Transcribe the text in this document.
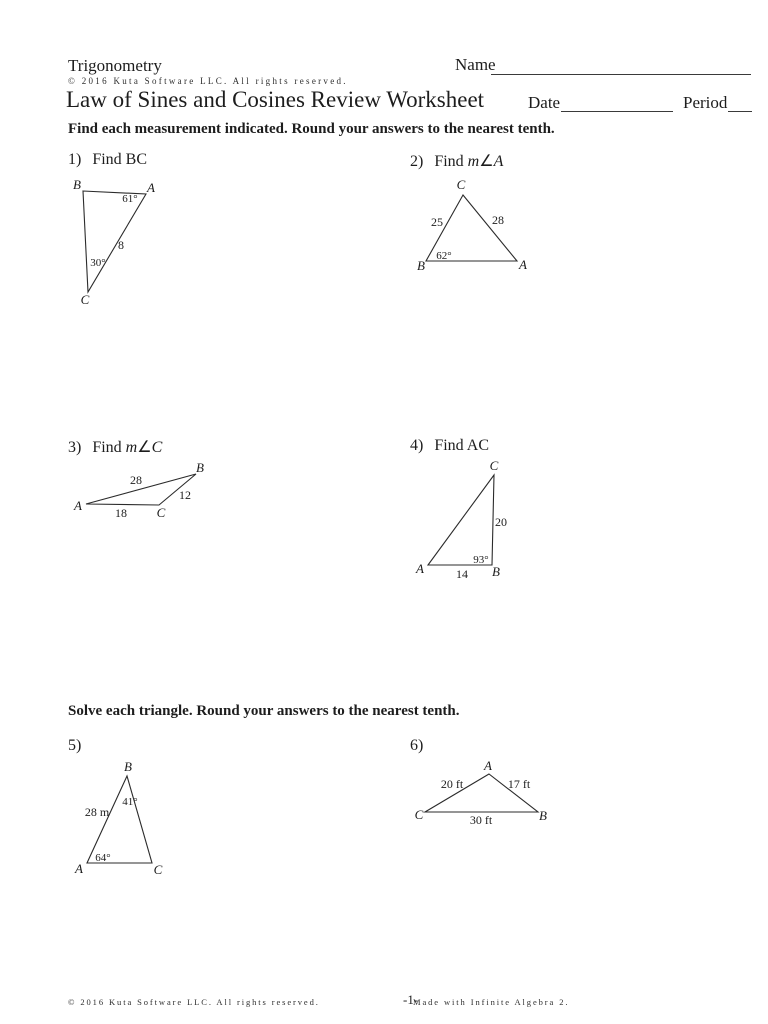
Trigonometry
© 2016 Kuta Software LLC. All rights reserved.
Law of Sines and Cosines Review Worksheet
Name
Date	Period
Find each measurement indicated. Round your answers to the nearest tenth.
Solve each triangle. Round your answers to the nearest tenth.
1) Find BC	2) Find m∠A
3) Find m∠C	4) Find AC
5)	6)
B	A
C
61°
30°
8
C
B	A
62°
25	28
B
A	C
28
12
18
C
A	B
93°
20
14
B
A	C
41°
64°
28 m
A
C	B
20 ft	17 ft
30 ft
© 2016 Kuta Software LLC. All rights reserved.	-1-
Made with Infinite Algebra 2.
